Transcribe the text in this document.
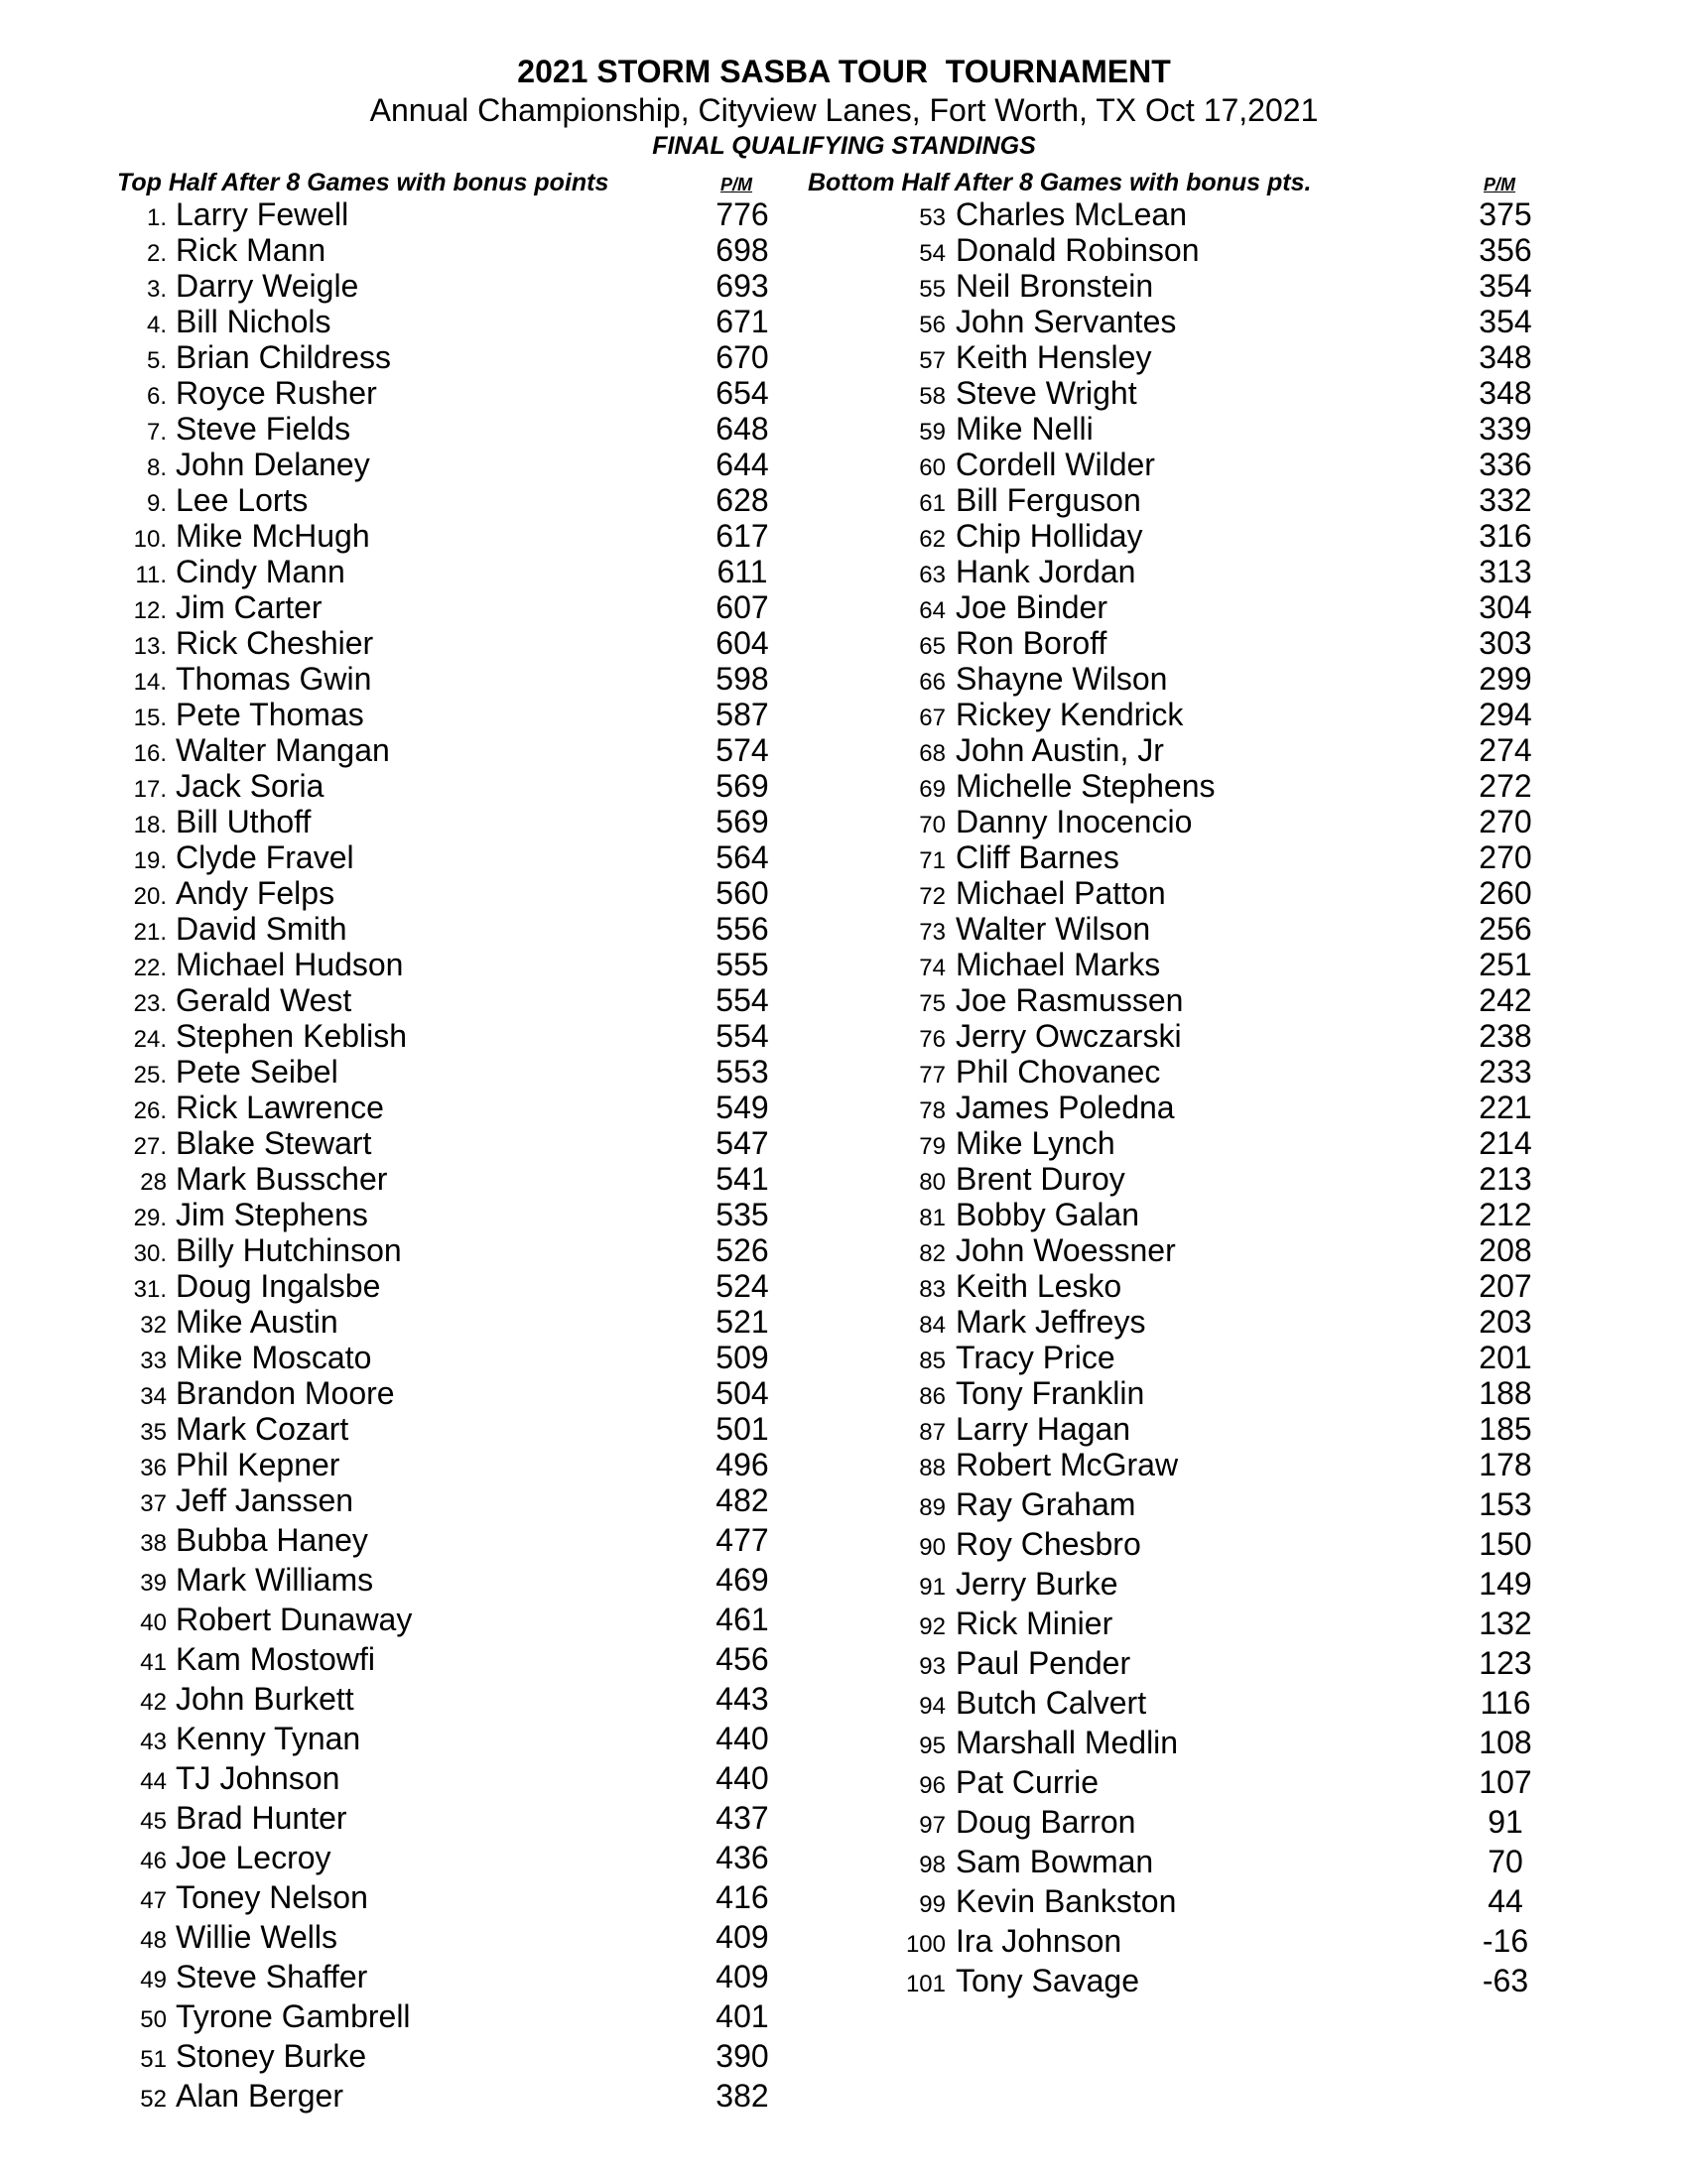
2021 STORM SASBA TOUR  TOURNAMENT
Annual Championship, Cityview Lanes, Fort Worth, TX Oct 17,2021
FINAL QUALIFYING STANDINGS
Top Half After 8 Games with bonus points	P/M Bottom Half After 8 Games with bonus pts.	P/M
1. Larry Fewell	776
2. Rick Mann	698
3. Darry Weigle	693
4. Bill Nichols	671
5. Brian Childress	670
6. Royce Rusher	654
7. Steve Fields	648
8. John Delaney	644
9. Lee Lorts	628
10. Mike McHugh	617
11. Cindy Mann	611
12. Jim Carter	607
13. Rick Cheshier	604
14. Thomas Gwin	598
15. Pete Thomas	587
16. Walter Mangan	574
17. Jack Soria	569
18. Bill Uthoff	569
19. Clyde Fravel	564
20. Andy Felps	560
21. David Smith	556
22. Michael Hudson	555
23. Gerald West	554
24. Stephen Keblish	554
25. Pete Seibel	553
26. Rick Lawrence	549
27. Blake Stewart	547
28 Mark Busscher	541
29. Jim Stephens	535
30. Billy Hutchinson	526
31. Doug Ingalsbe	524
32 Mike Austin	521
33 Mike Moscato	509
34 Brandon Moore	504
35 Mark Cozart	501
36 Phil Kepner	496
37 Jeff Janssen	482
38 Bubba Haney	477
39 Mark Williams	469
40 Robert Dunaway	461
41 Kam Mostowfi	456
42 John Burkett	443
43 Kenny Tynan	440
44 TJ Johnson	440
45 Brad Hunter	437
46 Joe Lecroy	436
47 Toney Nelson	416
48 Willie Wells	409
49 Steve Shaffer	409
50 Tyrone Gambrell	401
51 Stoney Burke	390
52 Alan Berger	382
53 Charles McLean	375
54 Donald Robinson	356
55 Neil Bronstein	354
56 John Servantes	354
57 Keith Hensley	348
58 Steve Wright	348
59 Mike Nelli	339
60 Cordell Wilder	336
61 Bill Ferguson	332
62 Chip Holliday	316
63 Hank Jordan	313
64 Joe Binder	304
65 Ron Boroff	303
66 Shayne Wilson	299
67 Rickey Kendrick	294
68 John Austin, Jr	274
69 Michelle Stephens	272
70 Danny Inocencio	270
71 Cliff Barnes	270
72 Michael Patton	260
73 Walter Wilson	256
74 Michael Marks	251
75 Joe Rasmussen	242
76 Jerry Owczarski	238
77 Phil Chovanec	233
78 James Poledna	221
79 Mike Lynch	214
80 Brent Duroy	213
81 Bobby Galan	212
82 John Woessner	208
83 Keith Lesko	207
84 Mark Jeffreys	203
85 Tracy Price	201
86 Tony Franklin	188
87 Larry Hagan	185
88 Robert McGraw	178
89 Ray Graham	153
90 Roy Chesbro	150
91 Jerry Burke	149
92 Rick Minier	132
93 Paul Pender	123
94 Butch Calvert	116
95 Marshall Medlin	108
96 Pat Currie	107
97 Doug Barron	91
98 Sam Bowman	70
99 Kevin Bankston	44
100 Ira Johnson	-16
101 Tony Savage	-63
